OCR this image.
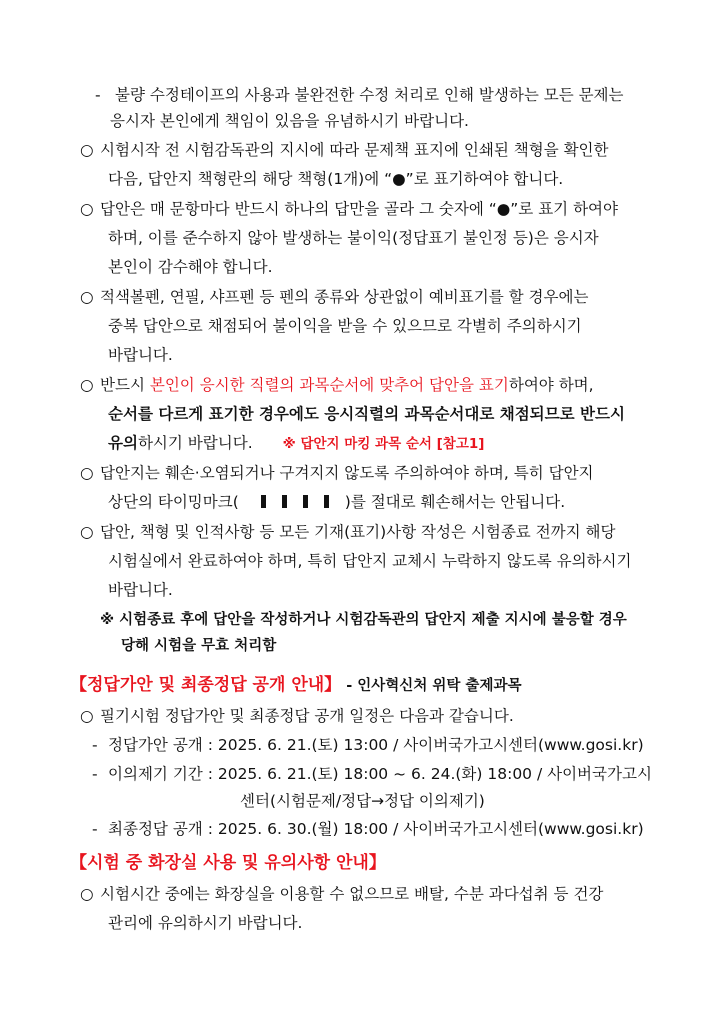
- 불량 수정테이프의 사용과 불완전한 수정 처리로 인해 발생하는 모든 문제는
응시자 본인에게 책임이 있음을 유념하시기 바랍니다.
○ 시험시작 전 시험감독관의 지시에 따라 문제책 표지에 인쇄된 책형을 확인한
다음, 답안지 책형란의 해당 책형(1개)에 “●”로 표기하여야 합니다.
○ 답안은 매 문항마다 반드시 하나의 답만을 골라 그 숫자에 “●”로 표기 하여야
하며, 이를 준수하지 않아 발생하는 불이익(정답표기 불인정 등)은 응시자
본인이 감수해야 합니다.
○ 적색볼펜, 연필, 샤프펜 등 펜의 종류와 상관없이 예비표기를 할 경우에는
중복 답안으로 채점되어 불이익을 받을 수 있으므로 각별히 주의하시기
바랍니다.
○ 반드시 본인이 응시한 직렬의 과목순서에 맞추어 답안을 표기하여야 하며,
순서를 다르게 표기한 경우에도 응시직렬의 과목순서대로 채점되므로 반드시
유의하시기 바랍니다. ※ 답안지 마킹 과목 순서 [참고1]
○ 답안지는 훼손·오염되거나 구겨지지 않도록 주의하여야 하며, 특히 답안지
상단의 타이밍마크(	)를 절대로 훼손해서는 안됩니다.
○ 답안, 책형 및 인적사항 등 모든 기재(표기)사항 작성은 시험종료 전까지 해당
시험실에서 완료하여야 하며, 특히 답안지 교체시 누락하지 않도록 유의하시기
바랍니다.
※ 시험종료 후에 답안을 작성하거나 시험감독관의 답안지 제출 지시에 불응할 경우
당해 시험을 무효 처리함
【정답가안 및 최종정답 공개 안내】 - 인사혁신처 위탁 출제과목
○ 필기시험 정답가안 및 최종정답 공개 일정은 다음과 같습니다.
- 정답가안 공개 : 2025. 6. 21.(토) 13:00 / 사이버국가고시센터(www.gosi.kr)
- 이의제기 기간 : 2025. 6. 21.(토) 18:00 ~ 6. 24.(화) 18:00 / 사이버국가고시
센터(시험문제/정답→정답 이의제기)
- 최종정답 공개 : 2025. 6. 30.(월) 18:00 / 사이버국가고시센터(www.gosi.kr)
【시험 중 화장실 사용 및 유의사항 안내】
○ 시험시간 중에는 화장실을 이용할 수 없으므로 배탈, 수분 과다섭취 등 건강
관리에 유의하시기 바랍니다.
